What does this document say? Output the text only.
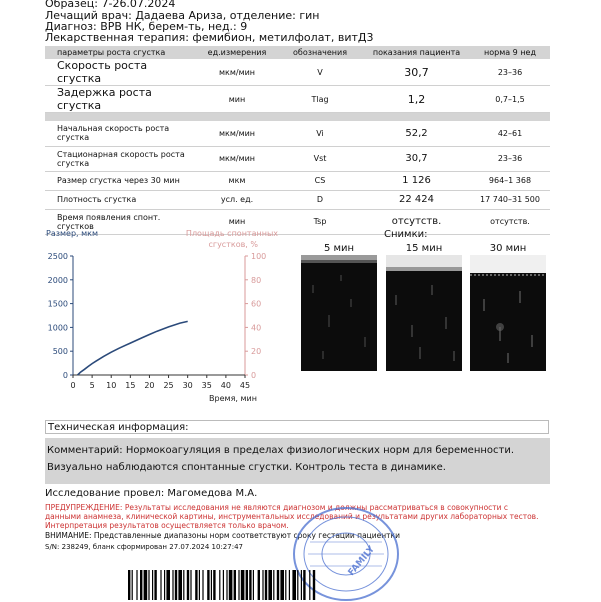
Образец: 7-26.07.2024
Лечащий врач: Дадаева Ариза, отделение: гин
Диагноз: ВРВ НК, берем-ть, нед.: 9
Лекарственная терапия: фемибион, метилфолат, витД3
параметры роста сгустка	ед.измерения	обозначения	показания пациента	норма 9 нед
Скорость роста сгустка	мкм/мин	V	30,7	23–36
Задержка роста сгустка	мин	Tlag	1,2	0,7–1,5

Начальная скорость роста сгустка	мкм/мин	Vi	52,2	42–61
Стационарная скорость роста сгустка	мкм/мин	Vst	30,7	23–36
Размер сгустка через 30 мин	мкм	CS	1 126	964–1 368
Плотность сгустка	усл. ед.	D	22 424	17 740–31 500
Время появления спонт. сгустков	мин	Tsp	отсутств.	отсутств.
Размер, мкм	Площадь спонтанных
сгустков, %
0
500
1000
1500
2000
2500
0
20
40
60
80
100
0 5 10 15 20 25 30 35 40 45
Время, мин
Снимки:
5 мин	15 мин	30 мин
Техническая информация:
Комментарий: Нормокоагуляция в пределах физиологических норм для беременности.
Визуально наблюдаются спонтанные сгустки. Контроль теста в динамике.
Исследование провел: Магомедова М.А.
ПРЕДУПРЕЖДЕНИЕ: Результаты исследования не являются диагнозом и должны рассматриваться в совокупности с данными анамнеза, клинической картины, инструментальных исследований и результатами других лабораторных тестов. Интерпретация результатов осуществляется только врачом.
ВНИМАНИЕ: Представленные диапазоны норм соответствуют сроку гестации пациентки
S/N: 238249, бланк сформирован 27.07.2024 10:27:47	FAMILY
